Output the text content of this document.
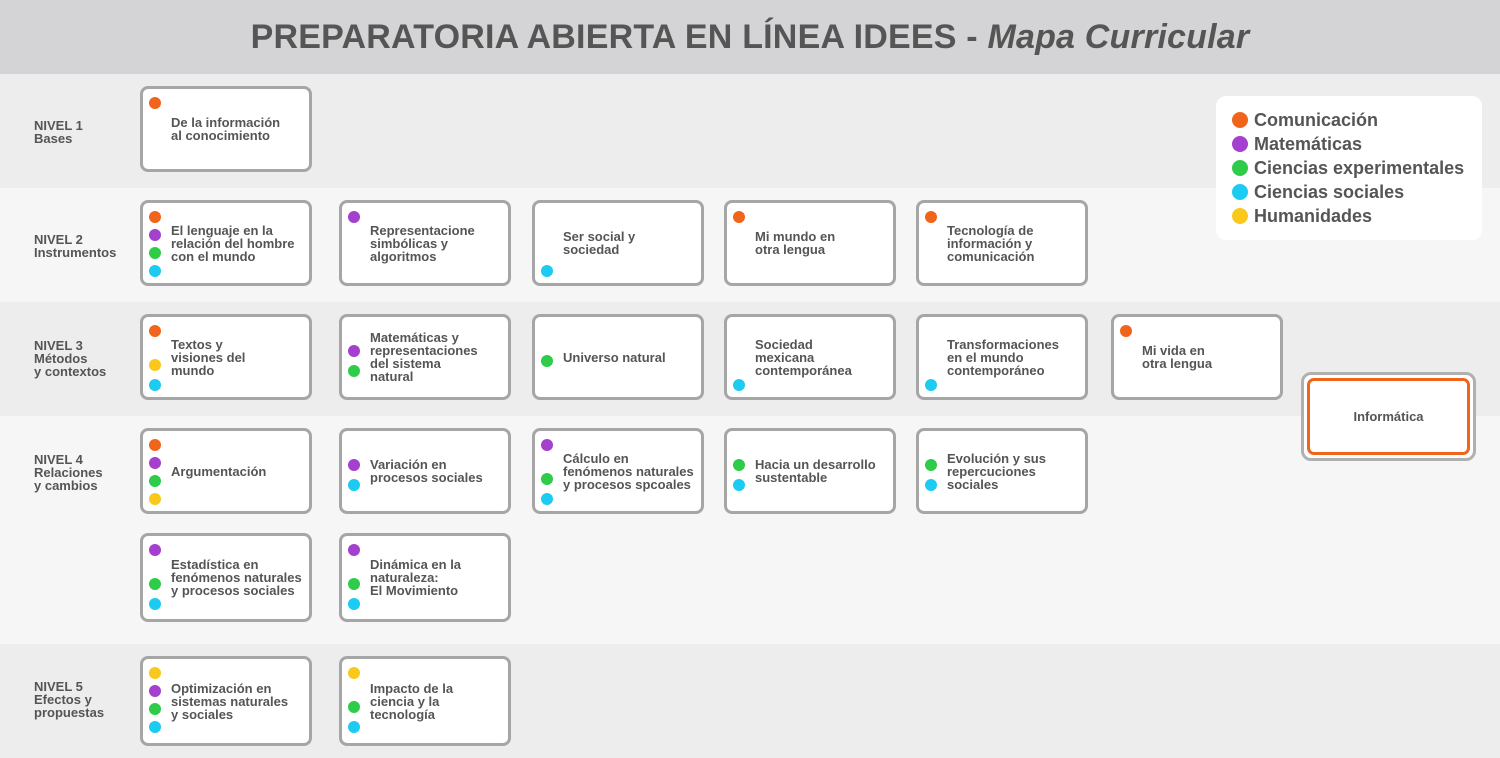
PREPARATORIA ABIERTA EN LÍNEA IDEES - Mapa Curricular
NIVEL 1
Bases
NIVEL 2
Instrumentos
NIVEL 3
Métodos
y contextos
NIVEL 4
Relaciones
y cambios
NIVEL 5
Efectos y
propuestas
De la información
al conocimiento
El lenguaje en la
relación del hombre
con el mundo
Representacione
simbólicas y
algoritmos
Ser social y
sociedad
Mi mundo en
otra lengua
Tecnología de
información y
comunicación
Textos y
visiones del
mundo
Matemáticas y
representaciones
del sistema
natural
Universo natural
Sociedad
mexicana
contemporánea
Transformaciones
en el mundo
contemporáneo
Mi vida en
otra lengua
Argumentación	Variación en
procesos sociales
Cálculo en
fenómenos naturales
y procesos spcoales
Hacia un desarrollo
sustentable
Evolución y sus
repercuciones
sociales
Estadística en
fenómenos naturales
y procesos sociales
Dinámica en la
naturaleza:
El Movimiento
Optimización en
sistemas naturales
y sociales
Impacto de la
ciencia y la
tecnología
Informática
Comunicación
Matemáticas
Ciencias experimentales
Ciencias sociales
Humanidades
